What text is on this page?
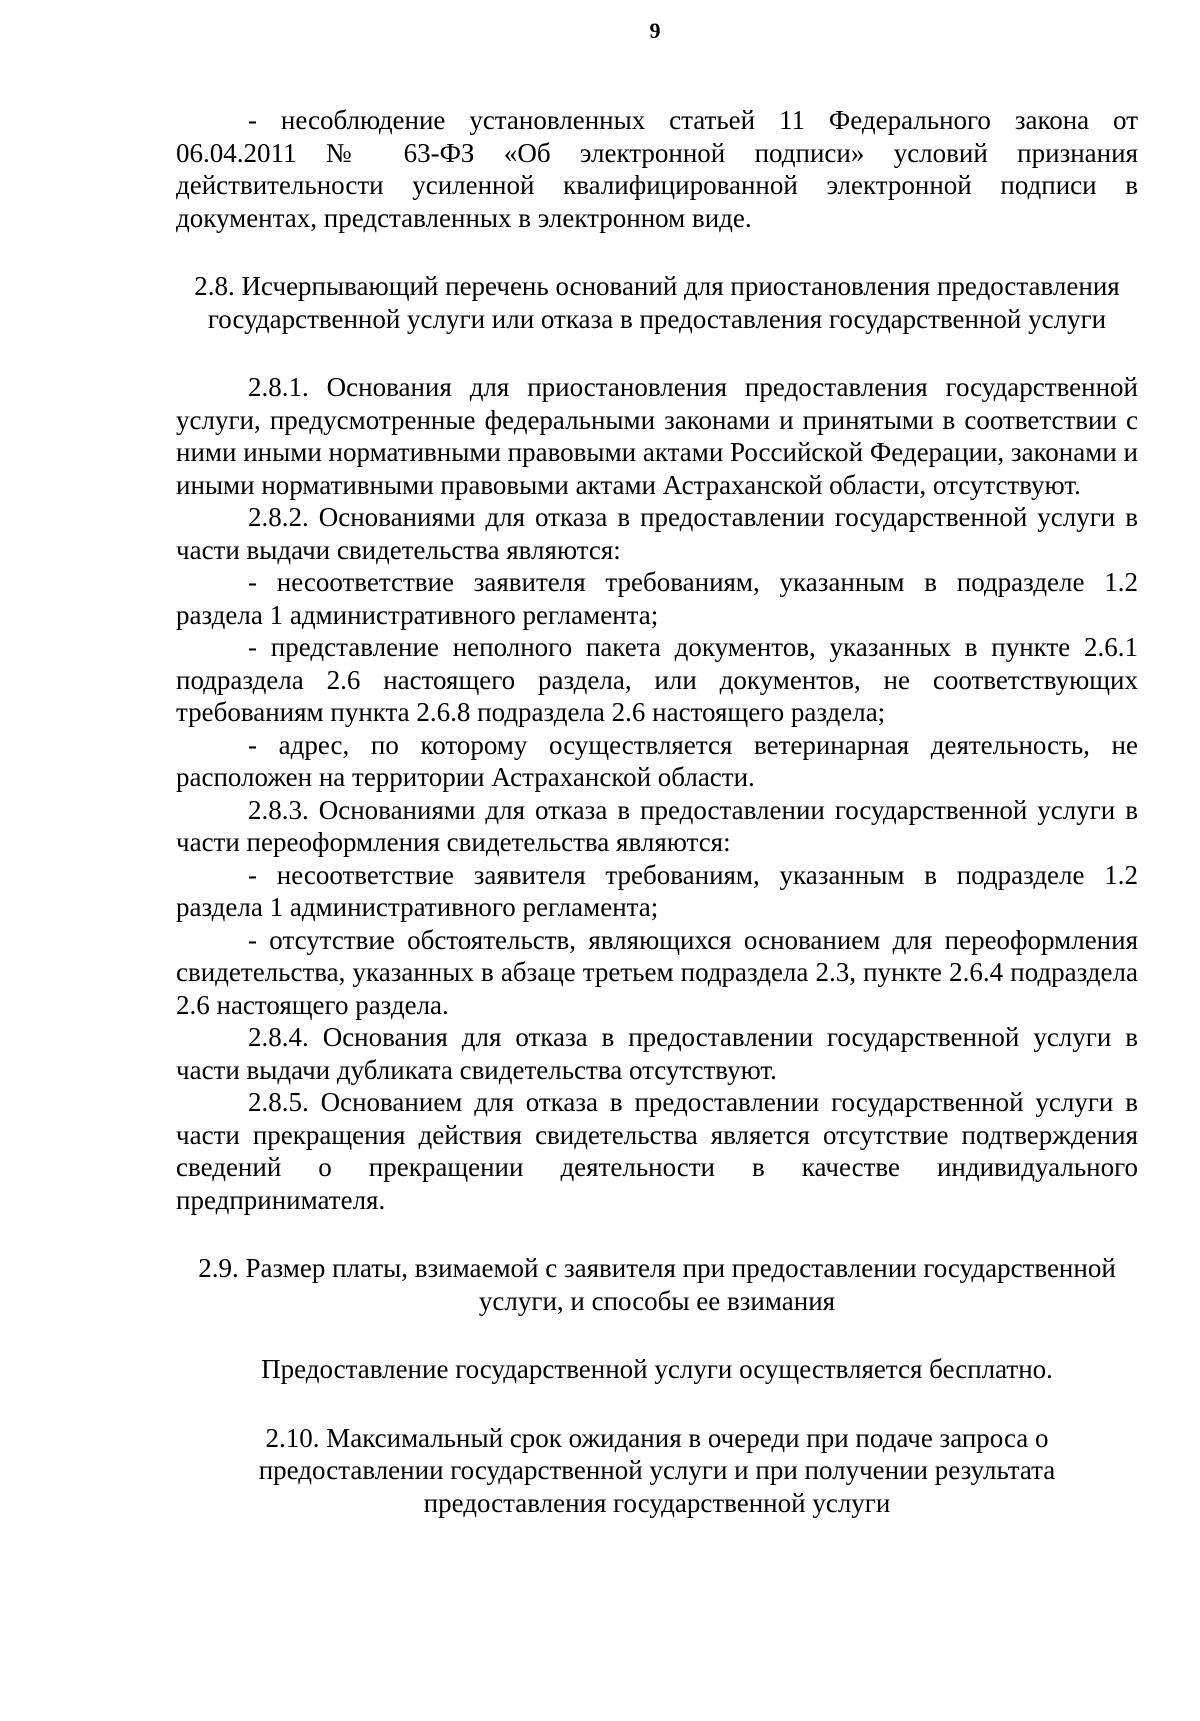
9

- несоблюдение установленных статьей 11 Федерального закона от 06.04.2011 № 63-ФЗ «Об электронной подписи» условий признания действительности усиленной квалифицированной электронной подписи в документах, представленных в электронном виде.

2.8. Исчерпывающий перечень оснований для приостановления предоставления государственной услуги или отказа в предоставления государственной услуги

2.8.1. Основания для приостановления предоставления государственной услуги, предусмотренные федеральными законами и принятыми в соответствии с ними иными нормативными правовыми актами Российской Федерации, законами и иными нормативными правовыми актами Астраханской области, отсутствуют.

2.8.2. Основаниями для отказа в предоставлении государственной услуги в части выдачи свидетельства являются:

- несоответствие заявителя требованиям, указанным в подразделе 1.2 раздела 1 административного регламента;

- представление неполного пакета документов, указанных в пункте 2.6.1 подраздела 2.6 настоящего раздела, или документов, не соответствующих требованиям пункта 2.6.8 подраздела 2.6 настоящего раздела;

- адрес, по которому осуществляется ветеринарная деятельность, не расположен на территории Астраханской области.

2.8.3. Основаниями для отказа в предоставлении государственной услуги в части переоформления свидетельства являются:

- несоответствие заявителя требованиям, указанным в подразделе 1.2 раздела 1 административного регламента;

- отсутствие обстоятельств, являющихся основанием для переоформления свидетельства, указанных в абзаце третьем подраздела 2.3, пункте 2.6.4 подраздела 2.6 настоящего раздела.

2.8.4. Основания для отказа в предоставлении государственной услуги в части выдачи дубликата свидетельства отсутствуют.

2.8.5. Основанием для отказа в предоставлении государственной услуги в части прекращения действия свидетельства является отсутствие подтверждения сведений о прекращении деятельности в качестве индивидуального предпринимателя.

2.9. Размер платы, взимаемой с заявителя при предоставлении государственной услуги, и способы ее взимания

Предоставление государственной услуги осуществляется бесплатно.

2.10. Максимальный срок ожидания в очереди при подаче запроса о предоставлении государственной услуги и при получении результата предоставления государственной услуги
